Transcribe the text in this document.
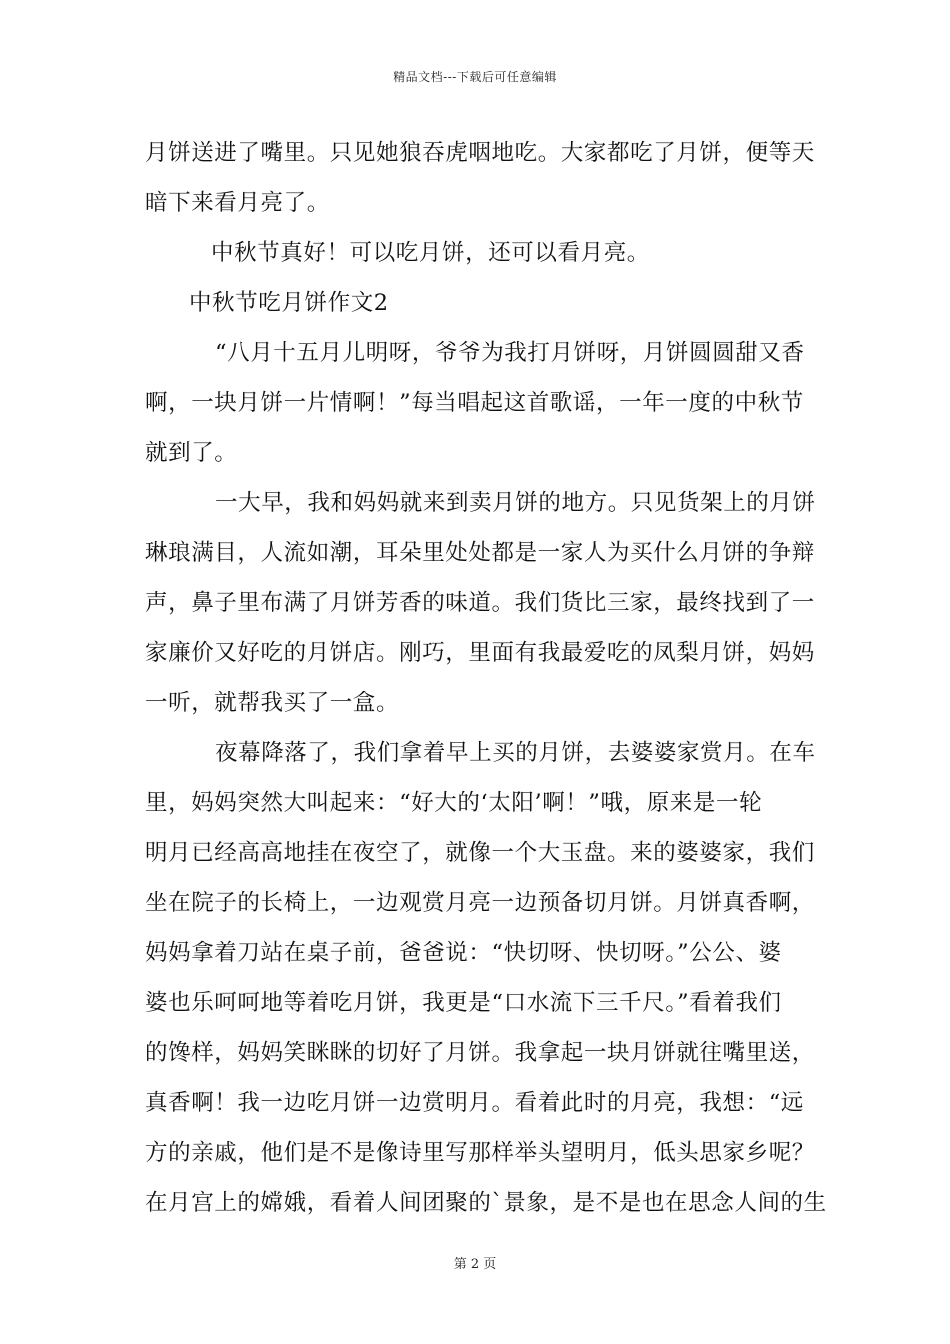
精品文档---下载后可任意编辑
月饼送进了嘴里。只见她狼吞虎咽地吃。大家都吃了月饼，便等天
暗下来看月亮了。
中秋节真好！可以吃月饼，还可以看月亮。
中秋节吃月饼作文2
“八月十五月儿明呀，爷爷为我打月饼呀，月饼圆圆甜又香
啊，一块月饼一片情啊！”每当唱起这首歌谣，一年一度的中秋节
就到了。
一大早，我和妈妈就来到卖月饼的地方。只见货架上的月饼
琳琅满目，人流如潮，耳朵里处处都是一家人为买什么月饼的争辩
声，鼻子里布满了月饼芳香的味道。我们货比三家，最终找到了一
家廉价又好吃的月饼店。刚巧，里面有我最爱吃的凤梨月饼，妈妈
一听，就帮我买了一盒。
夜幕降落了，我们拿着早上买的月饼，去婆婆家赏月。在车
里，妈妈突然大叫起来：“好大的‘太阳’啊！”哦，原来是一轮
明月已经高高地挂在夜空了，就像一个大玉盘。来的婆婆家，我们
坐在院子的长椅上，一边观赏月亮一边预备切月饼。月饼真香啊，
妈妈拿着刀站在桌子前，爸爸说：“快切呀、快切呀。”公公、婆
婆也乐呵呵地等着吃月饼，我更是“口水流下三千尺。”看着我们
的馋样，妈妈笑眯眯的切好了月饼。我拿起一块月饼就往嘴里送，
真香啊！我一边吃月饼一边赏明月。看着此时的月亮，我想：“远
方的亲戚，他们是不是像诗里写那样举头望明月，低头思家乡呢？
在月宫上的嫦娥，看着人间团聚的`景象，是不是也在思念人间的生
第 2 页
